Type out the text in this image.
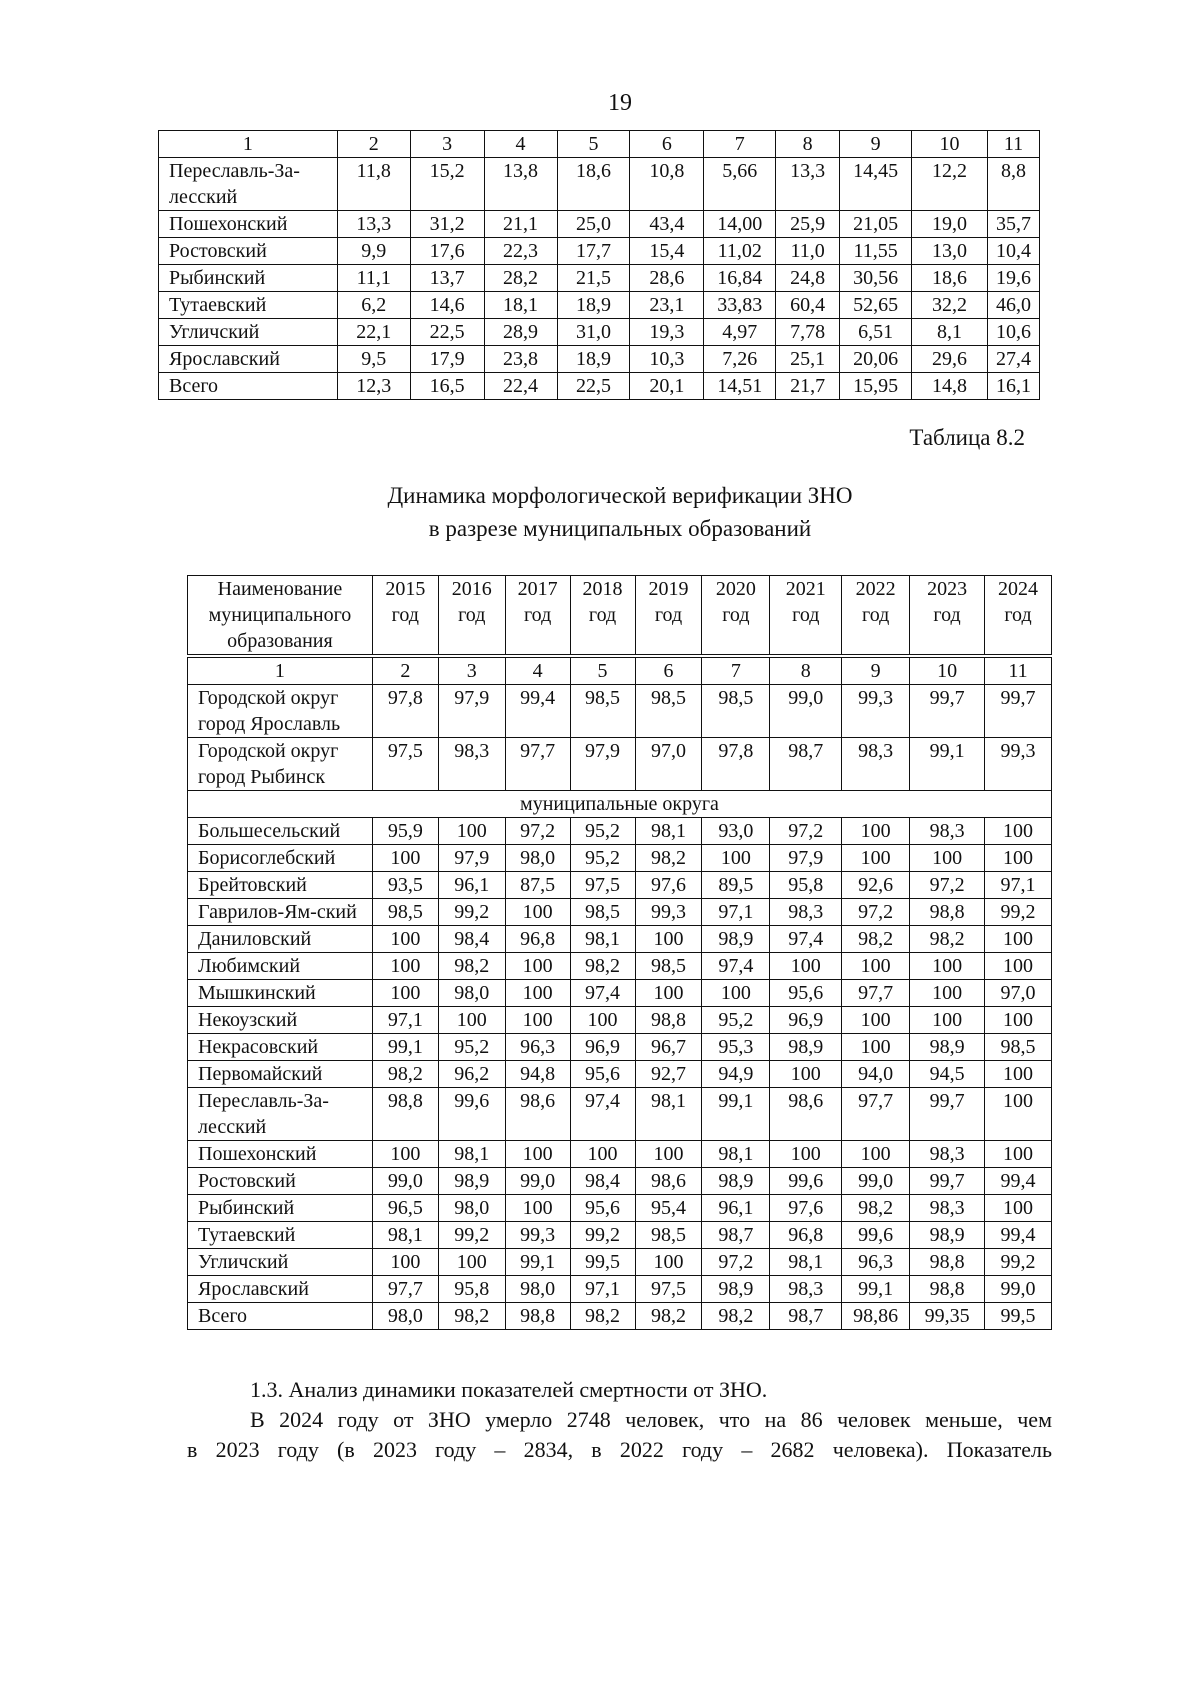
19
1	2	3	4	5	6	7	8	9	10	11
Переславль-За-лесский	11,8	15,2	13,8	18,6	10,8	5,66	13,3	14,45	12,2	8,8
Пошехонский	13,3	31,2	21,1	25,0	43,4	14,00	25,9	21,05	19,0	35,7
Ростовский	9,9	17,6	22,3	17,7	15,4	11,02	11,0	11,55	13,0	10,4
Рыбинский	11,1	13,7	28,2	21,5	28,6	16,84	24,8	30,56	18,6	19,6
Тутаевский	6,2	14,6	18,1	18,9	23,1	33,83	60,4	52,65	32,2	46,0
Угличский	22,1	22,5	28,9	31,0	19,3	4,97	7,78	6,51	8,1	10,6
Ярославский	9,5	17,9	23,8	18,9	10,3	7,26	25,1	20,06	29,6	27,4
Всего	12,3	16,5	22,4	22,5	20,1	14,51	21,7	15,95	14,8	16,1
Таблица 8.2
Динамика морфологической верификации ЗНО
в разрезе муниципальных образований
Наименование муниципального образования	2015 год	2016 год	2017 год	2018 год	2019 год	2020 год	2021 год	2022 год	2023 год	2024 год
1	2	3	4	5	6	7	8	9	10	11
Городской округ город Ярославль	97,8	97,9	99,4	98,5	98,5	98,5	99,0	99,3	99,7	99,7
Городской округ город Рыбинск	97,5	98,3	97,7	97,9	97,0	97,8	98,7	98,3	99,1	99,3
муниципальные округа										
Большесельский	95,9	100	97,2	95,2	98,1	93,0	97,2	100	98,3	100
Борисоглебский	100	97,9	98,0	95,2	98,2	100	97,9	100	100	100
Брейтовский	93,5	96,1	87,5	97,5	97,6	89,5	95,8	92,6	97,2	97,1
Гаврилов-Ям-ский	98,5	99,2	100	98,5	99,3	97,1	98,3	97,2	98,8	99,2
Даниловский	100	98,4	96,8	98,1	100	98,9	97,4	98,2	98,2	100
Любимский	100	98,2	100	98,2	98,5	97,4	100	100	100	100
Мышкинский	100	98,0	100	97,4	100	100	95,6	97,7	100	97,0
Некоузский	97,1	100	100	100	98,8	95,2	96,9	100	100	100
Некрасовский	99,1	95,2	96,3	96,9	96,7	95,3	98,9	100	98,9	98,5
Первомайский	98,2	96,2	94,8	95,6	92,7	94,9	100	94,0	94,5	100
Переславль-За-лесский	98,8	99,6	98,6	97,4	98,1	99,1	98,6	97,7	99,7	100
Пошехонский	100	98,1	100	100	100	98,1	100	100	98,3	100
Ростовский	99,0	98,9	99,0	98,4	98,6	98,9	99,6	99,0	99,7	99,4
Рыбинский	96,5	98,0	100	95,6	95,4	96,1	97,6	98,2	98,3	100
Тутаевский	98,1	99,2	99,3	99,2	98,5	98,7	96,8	99,6	98,9	99,4
Угличский	100	100	99,1	99,5	100	97,2	98,1	96,3	98,8	99,2
Ярославский	97,7	95,8	98,0	97,1	97,5	98,9	98,3	99,1	98,8	99,0
Всего	98,0	98,2	98,8	98,2	98,2	98,2	98,7	98,86	99,35	99,5
1.3. Анализ динамики показателей смертности от ЗНО.
В 2024 году от ЗНО умерло 2748 человек, что на 86 человек меньше, чем
в 2023 году (в 2023 году – 2834, в 2022 году – 2682 человека). Показатель
